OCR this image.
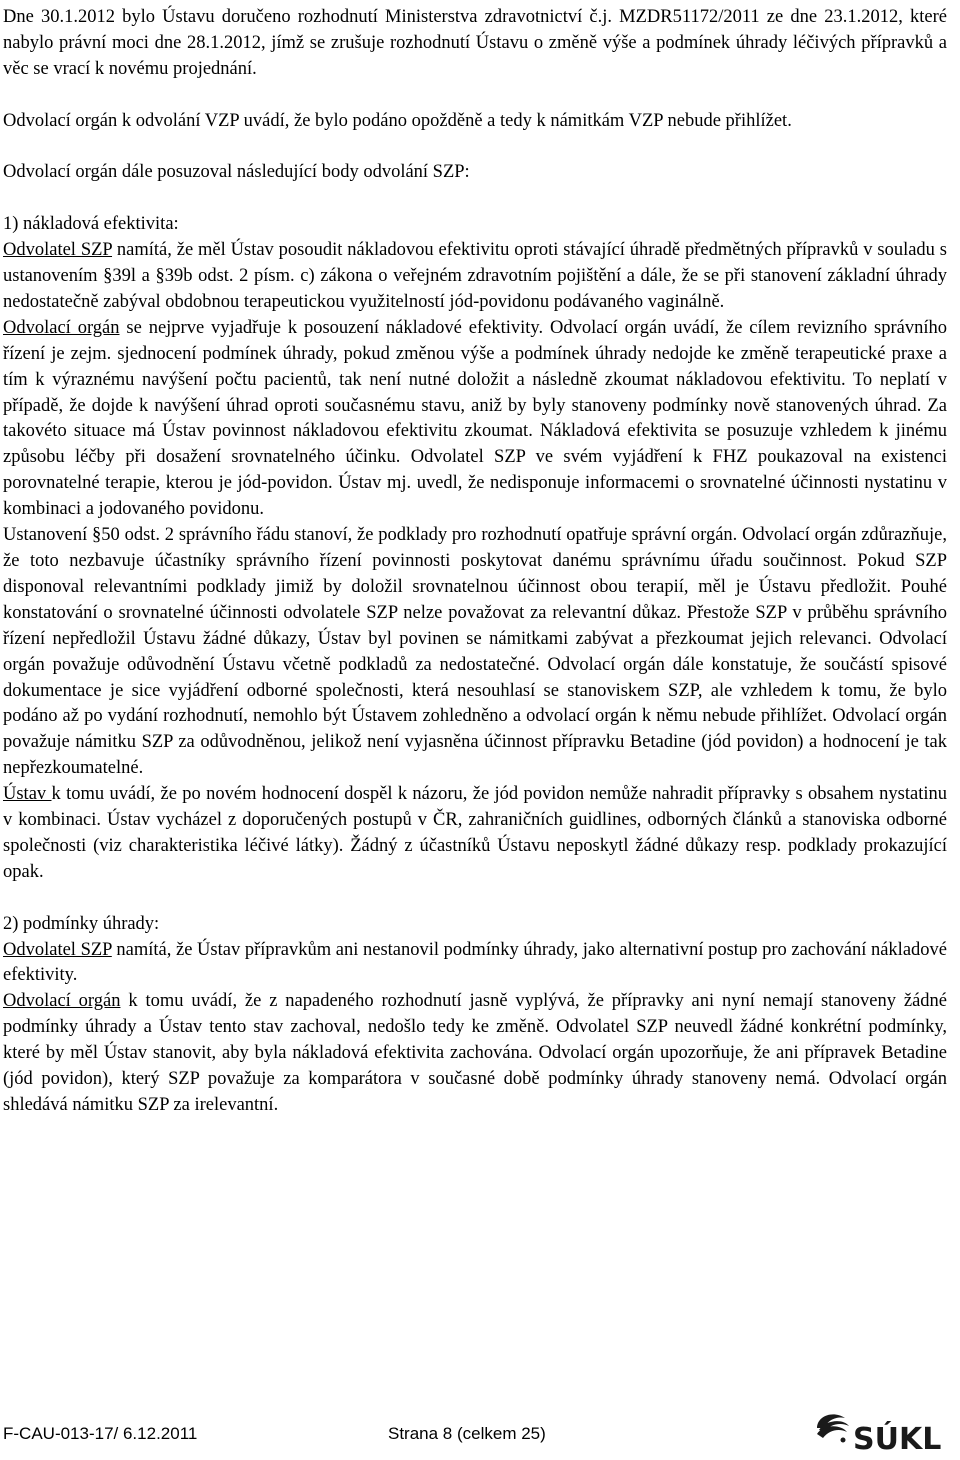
Dne 30.1.2012 bylo Ústavu doručeno rozhodnutí Ministerstva zdravotnictví č.j. MZDR51172/2011 ze dne 23.1.2012, které nabylo právní moci dne 28.1.2012, jímž se zrušuje rozhodnutí Ústavu o změně výše a podmínek úhrady léčivých přípravků a věc se vrací k novému projednání.

Odvolací orgán k odvolání VZP uvádí, že bylo podáno opožděně a tedy k námitkám VZP nebude přihlížet.

Odvolací orgán dále posuzoval následující body odvolání SZP:

1) nákladová efektivita:

Odvolatel SZP namítá, že měl Ústav posoudit nákladovou efektivitu oproti stávající úhradě předmětných přípravků v souladu s ustanovením §39l a §39b odst. 2 písm. c) zákona o veřejném zdravotním pojištění a dále, že se při stanovení základní úhrady nedostatečně zabýval obdobnou terapeutickou využitelností jód-povidonu podávaného vaginálně.

Odvolací orgán se nejprve vyjadřuje k posouzení nákladové efektivity. Odvolací orgán uvádí, že cílem revizního správního řízení je zejm. sjednocení podmínek úhrady, pokud změnou výše a podmínek úhrady nedojde ke změně terapeutické praxe a tím k výraznému navýšení počtu pacientů, tak není nutné doložit a následně zkoumat nákladovou efektivitu. To neplatí v případě, že dojde k navýšení úhrad oproti současnému stavu, aniž by byly stanoveny podmínky nově stanovených úhrad. Za takovéto situace má Ústav povinnost nákladovou efektivitu zkoumat. Nákladová efektivita se posuzuje vzhledem k jinému způsobu léčby při dosažení srovnatelného účinku. Odvolatel SZP ve svém vyjádření k FHZ poukazoval na existenci porovnatelné terapie, kterou je jód-povidon. Ústav mj. uvedl, že nedisponuje informacemi o srovnatelné účinnosti nystatinu v kombinaci a jodovaného povidonu.

Ustanovení §50 odst. 2 správního řádu stanoví, že podklady pro rozhodnutí opatřuje správní orgán. Odvolací orgán zdůrazňuje, že toto nezbavuje účastníky správního řízení povinnosti poskytovat danému správnímu úřadu součinnost. Pokud SZP disponoval relevantními podklady jimiž by doložil srovnatelnou účinnost obou terapií, měl je Ústavu předložit. Pouhé konstatování o srovnatelné účinnosti odvolatele SZP nelze považovat za relevantní důkaz. Přestože SZP v průběhu správního řízení nepředložil Ústavu žádné důkazy, Ústav byl povinen se námitkami zabývat a přezkoumat jejich relevanci. Odvolací orgán považuje odůvodnění Ústavu včetně podkladů za nedostatečné. Odvolací orgán dále konstatuje, že součástí spisové dokumentace je sice vyjádření odborné společnosti, která nesouhlasí se stanoviskem SZP, ale vzhledem k tomu, že bylo podáno až po vydání rozhodnutí, nemohlo být Ústavem zohledněno a odvolací orgán k němu nebude přihlížet. Odvolací orgán považuje námitku SZP za odůvodněnou, jelikož není vyjasněna účinnost přípravku Betadine (jód povidon) a hodnocení je tak nepřezkoumatelné.

Ústav k tomu uvádí, že po novém hodnocení dospěl k názoru, že jód povidon nemůže nahradit přípravky s obsahem nystatinu v kombinaci. Ústav vycházel z doporučených postupů v ČR, zahraničních guidlines, odborných článků a stanoviska odborné společnosti (viz charakteristika léčivé látky). Žádný z účastníků Ústavu neposkytl žádné důkazy resp. podklady prokazující opak.

2) podmínky úhrady:

Odvolatel SZP namítá, že Ústav přípravkům ani nestanovil podmínky úhrady, jako alternativní postup pro zachování nákladové efektivity.

Odvolací orgán k tomu uvádí, že z napadeného rozhodnutí jasně vyplývá, že přípravky ani nyní nemají stanoveny žádné podmínky úhrady a Ústav tento stav zachoval, nedošlo tedy ke změně. Odvolatel SZP neuvedl žádné konkrétní podmínky, které by měl Ústav stanovit, aby byla nákladová efektivita zachována. Odvolací orgán upozorňuje, že ani přípravek Betadine (jód povidon), který SZP považuje za komparátora v současné době podmínky úhrady stanoveny nemá. Odvolací orgán shledává námitku SZP za irelevantní.

F-CAU-013-17/ 6.12.2011	Strana 8 (celkem 25)	SÚKL
